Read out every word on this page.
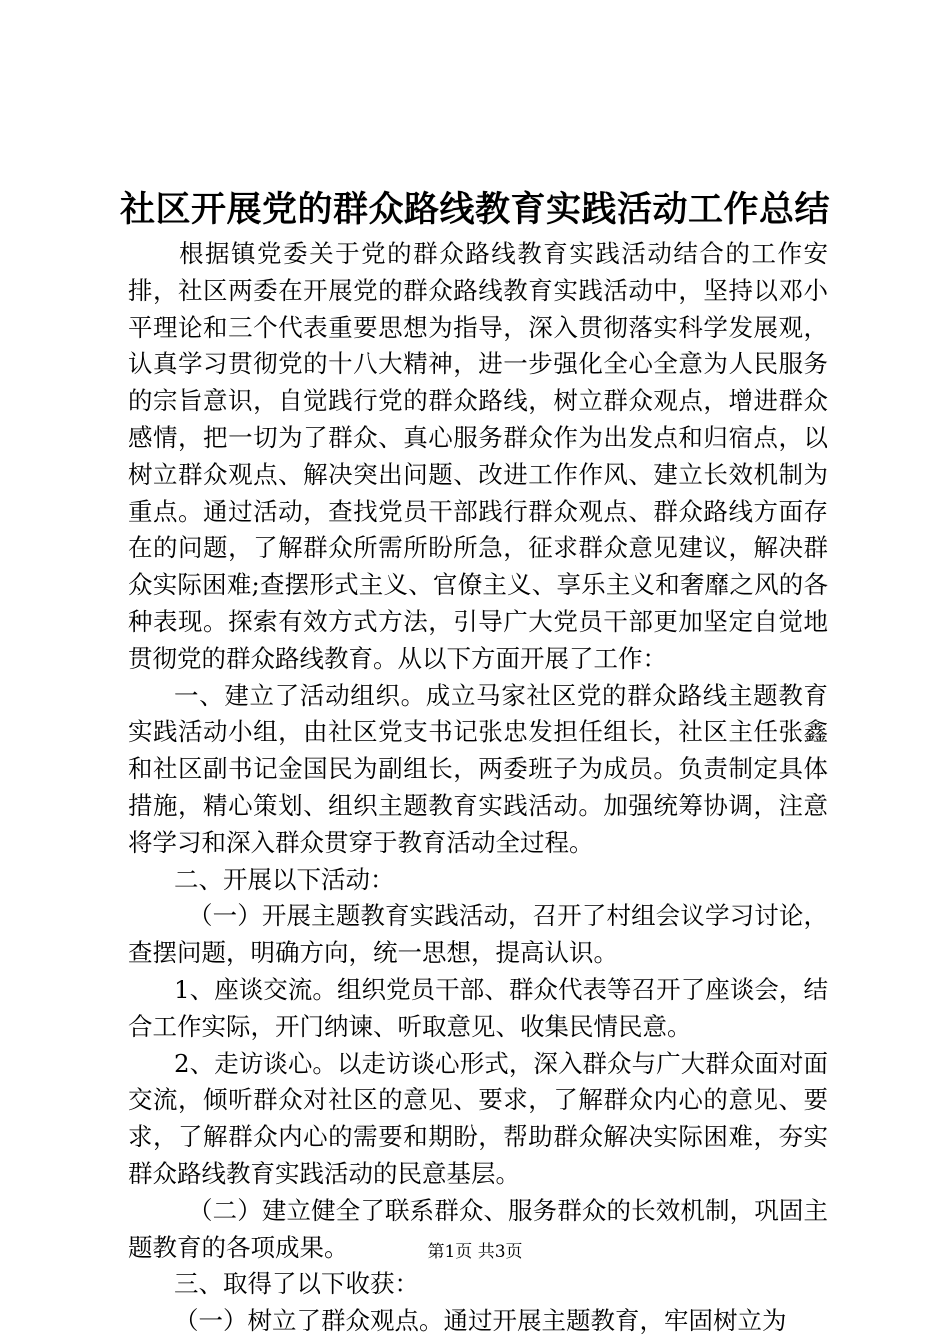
社区开展党的群众路线教育实践活动工作总结

根据镇党委关于党的群众路线教育实践活动结合的工作安排，社区两委在开展党的群众路线教育实践活动中，坚持以邓小平理论和三个代表重要思想为指导，深入贯彻落实科学发展观，认真学习贯彻党的十八大精神，进一步强化全心全意为人民服务的宗旨意识，自觉践行党的群众路线，树立群众观点，增进群众感情，把一切为了群众、真心服务群众作为出发点和归宿点，以树立群众观点、解决突出问题、改进工作作风、建立长效机制为重点。通过活动，查找党员干部践行群众观点、群众路线方面存在的问题，了解群众所需所盼所急，征求群众意见建议，解决群众实际困难;查摆形式主义、官僚主义、享乐主义和奢靡之风的各种表现。探索有效方式方法，引导广大党员干部更加坚定自觉地贯彻党的群众路线教育。从以下方面开展了工作：

一、建立了活动组织。成立马家社区党的群众路线主题教育实践活动小组，由社区党支书记张忠发担任组长，社区主任张鑫和社区副书记金国民为副组长，两委班子为成员。负责制定具体措施，精心策划、组织主题教育实践活动。加强统筹协调，注意将学习和深入群众贯穿于教育活动全过程。

二、开展以下活动：

（一）开展主题教育实践活动，召开了村组会议学习讨论，查摆问题，明确方向，统一思想，提高认识。

1、座谈交流。组织党员干部、群众代表等召开了座谈会，结合工作实际，开门纳谏、听取意见、收集民情民意。

2、走访谈心。以走访谈心形式，深入群众与广大群众面对面交流，倾听群众对社区的意见、要求，了解群众内心的意见、要求，了解群众内心的需要和期盼，帮助群众解决实际困难，夯实群众路线教育实践活动的民意基层。

（二）建立健全了联系群众、服务群众的长效机制，巩固主题教育的各项成果。

三、取得了以下收获：

（一）树立了群众观点。通过开展主题教育，牢固树立为

第1页 共3页
